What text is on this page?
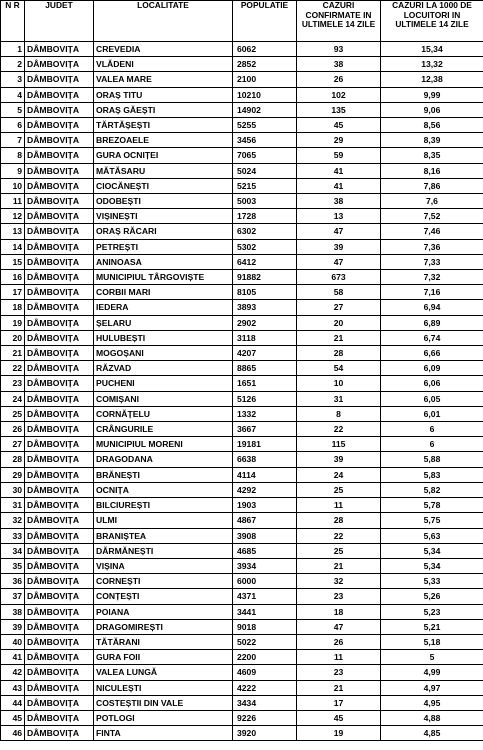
N R	JUDET	LOCALITATE	POPULATIE	CAZURI CONFIRMATE IN ULTIMELE 14 ZILE	CAZURI LA 1000 DE LOCUITORI IN ULTIMELE 14 ZILE
1	DÂMBOVIȚA	CREVEDIA	6062	93	15,34
2	DÂMBOVIȚA	VLĂDENI	2852	38	13,32
3	DÂMBOVIȚA	VALEA MARE	2100	26	12,38
4	DÂMBOVIȚA	ORAȘ TITU	10210	102	9,99
5	DÂMBOVIȚA	ORAȘ GĂEȘTI	14902	135	9,06
6	DÂMBOVIȚA	TĂRTĂȘEȘTI	5255	45	8,56
7	DÂMBOVIȚA	BREZOAELE	3456	29	8,39
8	DÂMBOVIȚA	GURA OCNIȚEI	7065	59	8,35
9	DÂMBOVIȚA	MĂTĂSARU	5024	41	8,16
10	DÂMBOVIȚA	CIOCĂNEȘTI	5215	41	7,86
11	DÂMBOVIȚA	ODOBEȘTI	5003	38	7,6
12	DÂMBOVIȚA	VIȘINEȘTI	1728	13	7,52
13	DÂMBOVIȚA	ORAȘ RĂCARI	6302	47	7,46
14	DÂMBOVIȚA	PETREȘTI	5302	39	7,36
15	DÂMBOVIȚA	ANINOASA	6412	47	7,33
16	DÂMBOVIȚA	MUNICIPIUL TÂRGOVIȘTE	91882	673	7,32
17	DÂMBOVIȚA	CORBII MARI	8105	58	7,16
18	DÂMBOVIȚA	IEDERA	3893	27	6,94
19	DÂMBOVIȚA	ȘELARU	2902	20	6,89
20	DÂMBOVIȚA	HULUBEȘTI	3118	21	6,74
21	DÂMBOVIȚA	MOGOȘANI	4207	28	6,66
22	DÂMBOVIȚA	RĂZVAD	8865	54	6,09
23	DÂMBOVIȚA	PUCHENI	1651	10	6,06
24	DÂMBOVIȚA	COMIȘANI	5126	31	6,05
25	DÂMBOVIȚA	CORNĂȚELU	1332	8	6,01
26	DÂMBOVIȚA	CRÂNGURILE	3667	22	6
27	DÂMBOVIȚA	MUNICIPIUL MORENI	19181	115	6
28	DÂMBOVIȚA	DRAGODANA	6638	39	5,88
29	DÂMBOVIȚA	BRĂNEȘTI	4114	24	5,83
30	DÂMBOVIȚA	OCNIȚA	4292	25	5,82
31	DÂMBOVIȚA	BILCIUREȘTI	1903	11	5,78
32	DÂMBOVIȚA	ULMI	4867	28	5,75
33	DÂMBOVIȚA	BRANIȘTEA	3908	22	5,63
34	DÂMBOVIȚA	DĂRMĂNEȘTI	4685	25	5,34
35	DÂMBOVIȚA	VIȘINA	3934	21	5,34
36	DÂMBOVIȚA	CORNEȘTI	6000	32	5,33
37	DÂMBOVIȚA	CONȚEȘTI	4371	23	5,26
38	DÂMBOVIȚA	POIANA	3441	18	5,23
39	DÂMBOVIȚA	DRAGOMIREȘTI	9018	47	5,21
40	DÂMBOVIȚA	TĂTĂRANI	5022	26	5,18
41	DÂMBOVIȚA	GURA FOII	2200	11	5
42	DÂMBOVIȚA	VALEA LUNGĂ	4609	23	4,99
43	DÂMBOVIȚA	NICULEȘTI	4222	21	4,97
44	DÂMBOVIȚA	COSTEȘTII DIN VALE	3434	17	4,95
45	DÂMBOVIȚA	POTLOGI	9226	45	4,88
46	DÂMBOVIȚA	FINTA	3920	19	4,85
